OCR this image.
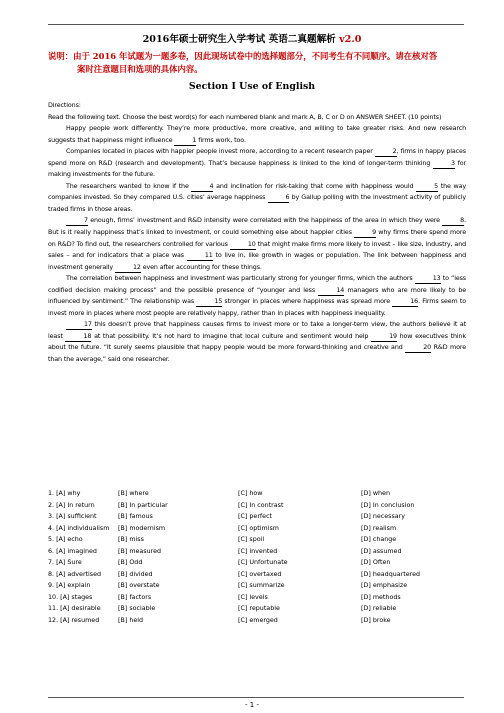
2016年硕士研究生入学考试 英语二真题解析 v2.0
说明：由于 2016 年试题为一题多卷，因此现场试卷中的选择题部分，不同考生有不同顺序。请在核对答
案时注意题目和选项的具体内容。
Section I Use of English

Directions:

Read the following text. Choose the best word(s) for each numbered blank and mark A, B, C or D on ANSWER SHEET. (10 points)

Happy people work differently. They’re more productive, more creative, and willing to take greater risks. And new research suggests that happiness might influence	1 firms work, too.

Companies located in places with happier people invest more, according to a recent research paper	2, firms in happy places spend more on R&D (research and development). That’s because happiness is linked to the kind of longer-term thinking	3 for making investments for the future.

The researchers wanted to know if the	4 and inclination for risk-taking that come with happiness would	5 the way companies invested. So they compared U.S. cities’ average happiness	6 by Gallup polling with the investment activity of publicly traded firms in those areas.

7 enough, firms’ investment and R&D intensity were correlated with the happiness of the area in which they were	8. But is it really happiness that’s linked to investment, or could something else about happier cities	9 why firms there spend more on R&D? To find out, the researchers controlled for various	10 that might make firms more likely to invest – like size, industry, and sales – and for indicators that a place was	11 to live in, like growth in wages or population. The link between happiness and investment generally	12 even after accounting for these things.

The correlation between happiness and investment was particularly strong for younger firms, which the authors	13 to “less codified decision making process” and the possible presence of “younger and less	14 managers who are more likely to be influenced by sentiment.” The relationship was	15 stronger in places where happiness was spread more	16. Firms seem to invest more in places where most people are relatively happy, rather than in places with happiness inequality.

17 this doesn’t prove that happiness causes firms to invest more or to take a longer-term view, the authors believe it at least	18 at that possibility. It’s not hard to imagine that local culture and sentiment would help	19 how executives think about the future. “It surely seems plausible that happy people would be more forward-thinking and creative and	20 R&D more than the average,” said one researcher.

1. [A] why	[B] where	[C] how	[D] when
2. [A] In return	[B] In particular	[C] In contrast	[D] In conclusion
3. [A] sufficient	[B] famous	[C] perfect	[D] necessary
4. [A] individualism	[B] modernism	[C] optimism	[D] realism
5. [A] echo	[B] miss	[C] spoil	[D] change
6. [A] imagined	[B] measured	[C] invented	[D] assumed
7. [A] Sure	[B] Odd	[C] Unfortunate	[D] Often
8. [A] advertised	[B] divided	[C] overtaxed	[D] headquartered
9. [A] explain	[B] overstate	[C] summarize	[D] emphasize
10. [A] stages	[B] factors	[C] levels	[D] methods
11. [A] desirable	[B] sociable	[C] reputable	[D] reliable
12. [A] resumed	[B] held	[C] emerged	[D] broke
- 1 -
